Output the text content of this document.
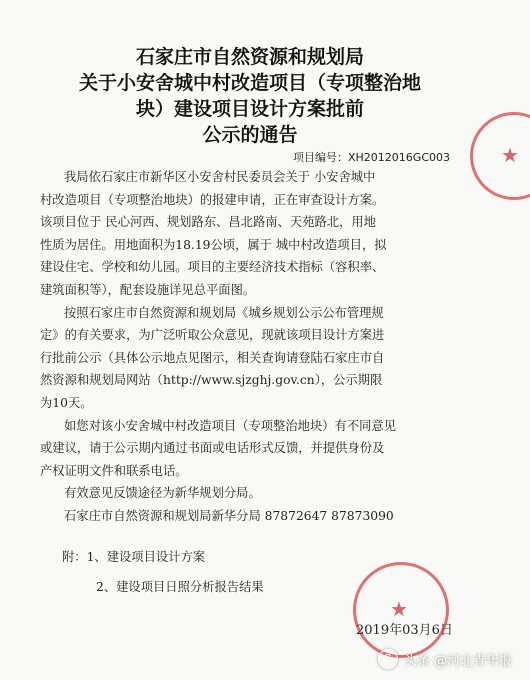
石家庄市自然资源和规划局
关于小安舍城中村改造项目（专项整治地
块）建设项目设计方案批前
公示的通告
项目编号：XH2012016GC003
我局依石家庄市新华区小安舍村民委员会关于 小安舍城中
村改造项目（专项整治地块）的报建申请，正在审查设计方案。
该项目位于 民心河西、规划路东、昌北路南、天苑路北，用地
性质为居住。用地面积为18.19公顷，属于 城中村改造项目，拟
建设住宅、学校和幼儿园。项目的主要经济技术指标（容积率、
建筑面积等），配套设施详见总平面图。
按照石家庄市自然资源和规划局《城乡规划公示公布管理规
定》的有关要求，为广泛听取公众意见，现就该项目设计方案进
行批前公示（具体公示地点见图示，相关查询请登陆石家庄市自
然资源和规划局网站（http://www.sjzghj.gov.cn），公示期限
为10天。
如您对该小安舍城中村改造项目（专项整治地块）有不同意见
或建议，请于公示期内通过书面或电话形式反馈，并提供身份及
产权证明文件和联系电话。
有效意见反馈途径为新华规划分局。
石家庄市自然资源和规划局新华分局 87872647 87873090
附：1、建设项目设计方案
2、建设项目日照分析报告结果
2019年03月6日
★
★
头条 @河北青年报
